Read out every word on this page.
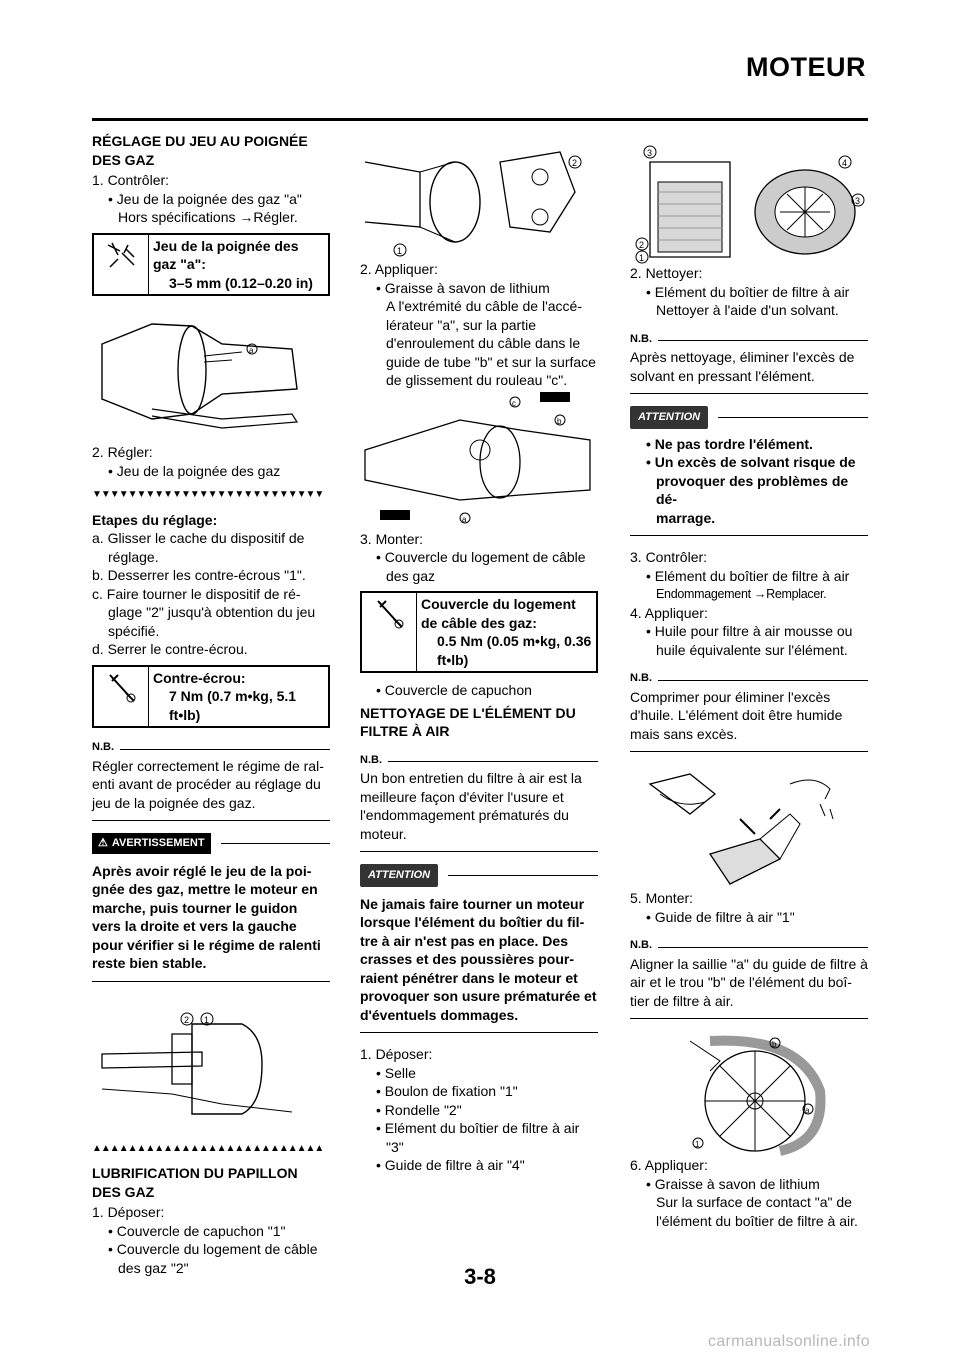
MOTEUR
RÉGLAGE DU JEU AU POIGNÉE DES GAZ
1. Contrôler:
• Jeu de la poignée des gaz "a"
Hors spécifications →Régler.
Jeu de la poignée des
gaz "a":
3–5 mm (0.12–0.20 in)
a
2. Régler:
• Jeu de la poignée des gaz
▼▼▼▼▼▼▼▼▼▼▼▼▼▼▼▼▼▼▼▼▼▼▼▼▼▼
Etapes du réglage:
a. Glisser le cache du dispositif de
réglage.
b. Desserrer les contre-écrous "1".
c. Faire tourner le dispositif de ré-
glage "2" jusqu'à obtention du jeu
spécifié.
d. Serrer le contre-écrou.
Contre-écrou:
7 Nm (0.7 m•kg, 5.1
ft•lb)
N.B.
Régler correctement le régime de ral-enti avant de procéder au réglage du jeu de la poignée des gaz.
⚠ AVERTISSEMENT
Après avoir réglé le jeu de la poi-gnée des gaz, mettre le moteur en marche, puis tourner le guidon vers la droite et vers la gauche pour vérifier si le régime de ralenti reste bien stable.
2 1
▲▲▲▲▲▲▲▲▲▲▲▲▲▲▲▲▲▲▲▲▲▲▲▲▲▲
LUBRIFICATION DU PAPILLON DES GAZ
1. Déposer:
• Couvercle de capuchon "1"
• Couvercle du logement de câble
des gaz "2"
2
1
2. Appliquer:
• Graisse à savon de lithium
A l'extrémité du câble de l'accé-lérateur "a", sur la partie d'enroulement du câble dans le guide de tube "b" et sur la surface de glissement du rouleau "c".
c
b
a
3. Monter:
• Couvercle du logement de câble
des gaz
Couvercle du logement
de câble des gaz:
0.5 Nm (0.05 m•kg, 0.36
ft•lb)
• Couvercle de capuchon
NETTOYAGE DE L'ÉLÉMENT DU FILTRE À AIR
N.B.
Un bon entretien du filtre à air est la meilleure façon d'éviter l'usure et l'endommagement prématurés du moteur.
ATTENTION
Ne jamais faire tourner un moteur lorsque l'élément du boîtier du fil-tre à air n'est pas en place. Des crasses et des poussières pour-raient pénétrer dans le moteur et provoquer son usure prématurée et d'éventuels dommages.
1. Déposer:
• Selle
• Boulon de fixation "1"
• Rondelle "2"
• Elément du boîtier de filtre à air
"3"
• Guide de filtre à air "4"
3
4
3
2
1
2. Nettoyer:
• Elément du boîtier de filtre à air
Nettoyer à l'aide d'un solvant.
N.B.
Après nettoyage, éliminer l'excès de solvant en pressant l'élément.
ATTENTION
• Ne pas tordre l'élément.
• Un excès de solvant risque de
provoquer des problèmes de dé-
marrage.
3. Contrôler:
• Elément du boîtier de filtre à air
Endommagement →Remplacer.
4. Appliquer:
• Huile pour filtre à air mousse ou
huile équivalente sur l'élément.
N.B.
Comprimer pour éliminer l'excès d'huile. L'élément doit être humide mais sans excès.
5. Monter:
• Guide de filtre à air "1"
N.B.
Aligner la saillie "a" du guide de filtre à air et le trou "b" de l'élément du boî-tier de filtre à air.
b
a
1
6. Appliquer:
• Graisse à savon de lithium
Sur la surface de contact "a" de l'élément du boîtier de filtre à air.
3-8
carmanualsonline.info
